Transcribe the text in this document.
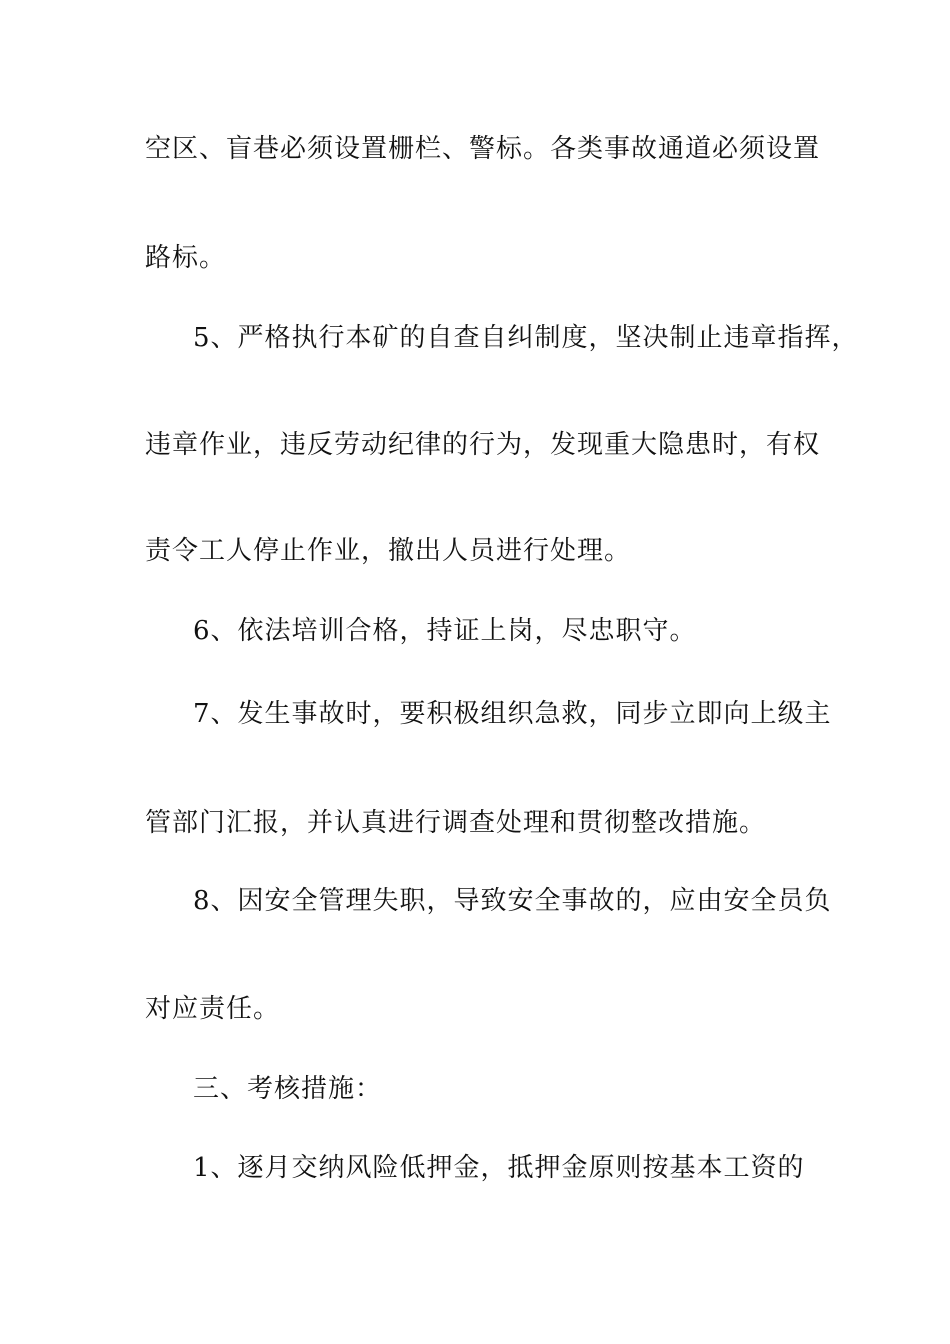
空区、盲巷必须设置栅栏、警标。各类事故通道必须设置

路标。

5、严格执行本矿的自查自纠制度，坚决制止违章指挥，

违章作业，违反劳动纪律的行为，发现重大隐患时，有权

责令工人停止作业，撤出人员进行处理。

6、依法培训合格，持证上岗，尽忠职守。

7、发生事故时，要积极组织急救，同步立即向上级主

管部门汇报，并认真进行调查处理和贯彻整改措施。

8、因安全管理失职，导致安全事故的，应由安全员负

对应责任。

三、考核措施：

1、逐月交纳风险低押金，抵押金原则按基本工资的
